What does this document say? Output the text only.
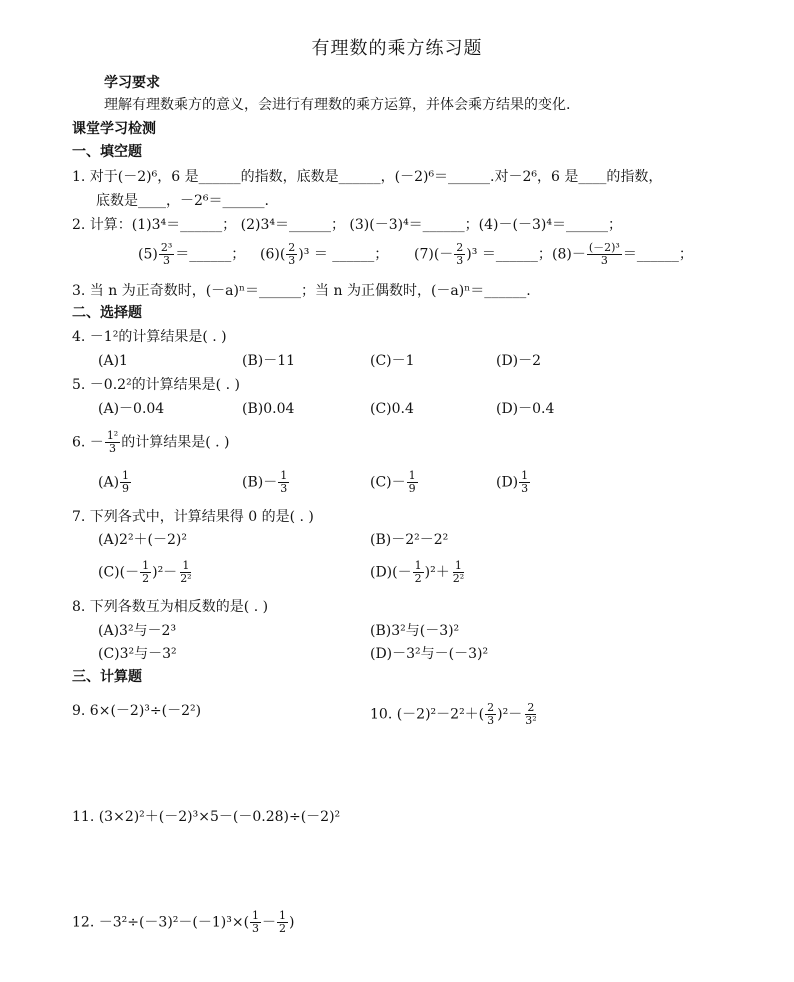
有理数的乘方练习题
学习要求
理解有理数乘方的意义，会进行有理数的乘方运算，并体会乘方结果的变化.
课堂学习检测
一、填空题
1. 对于(－2)⁶，6 是______的指数，底数是______，(－2)⁶＝______.对－2⁶，6 是____的指数，
底数是____，－2⁶＝______.
2. 计算：(1)3⁴＝______； (2)3⁴＝______； (3)(－3)⁴＝______；(4)－(－3)⁴＝______；
$(5) \frac{\text{2³}}{3}$ ＝______； $(6)( \frac{2}{3} )^3$ ＝ ______； $(7)(- \frac{2}{3} )^3$ ＝______； $(8)- \frac{\text{(－2)³}}{3}$ ＝______；
3. 当 n 为正奇数时，(－a)ⁿ＝______；当 n 为正偶数时，(－a)ⁿ＝______.
二、选择题
4. －1²的计算结果是( . )
(A)1	(B)－11	(C)－1	(D)－2
5. －0.2²的计算结果是( . )
(A)－0.04	(B)0.04	(C)0.4	(D)－0.4
6. － $\frac{\text{1²}}{3}$ 的计算结果是( . )
$(A) \frac{1}{9}$	$(B)- \frac{1}{3}$	$(C)- \frac{1}{9}$	$(D) \frac{1}{3}$
7. 下列各式中，计算结果得 0 的是( . )
(A)2²＋(－2)²	(B)－2²－2²
$(C)(- \frac{1}{2} )^2- \frac{1}{\text{2²}}$	$(D)(- \frac{1}{2} )^2+ \frac{1}{\text{2²}}$
8. 下列各数互为相反数的是( . )
(A)3²与－2³	(B)3²与(－3)²
(C)3²与－3²	(D)－3²与－(－3)²
三、计算题
9. 6×(－2)³÷(－2²)	10. $(-2)^2-2^2+( \frac{2}{3} )^2- \frac{2}{\text{3²}}$
11. (3×2)²＋(－2)³×5－(－0.28)÷(－2)²
12. $-3^2\div(-3)^2-(-1)^3\times( \frac{1}{3} - \frac{1}{2}$ )
